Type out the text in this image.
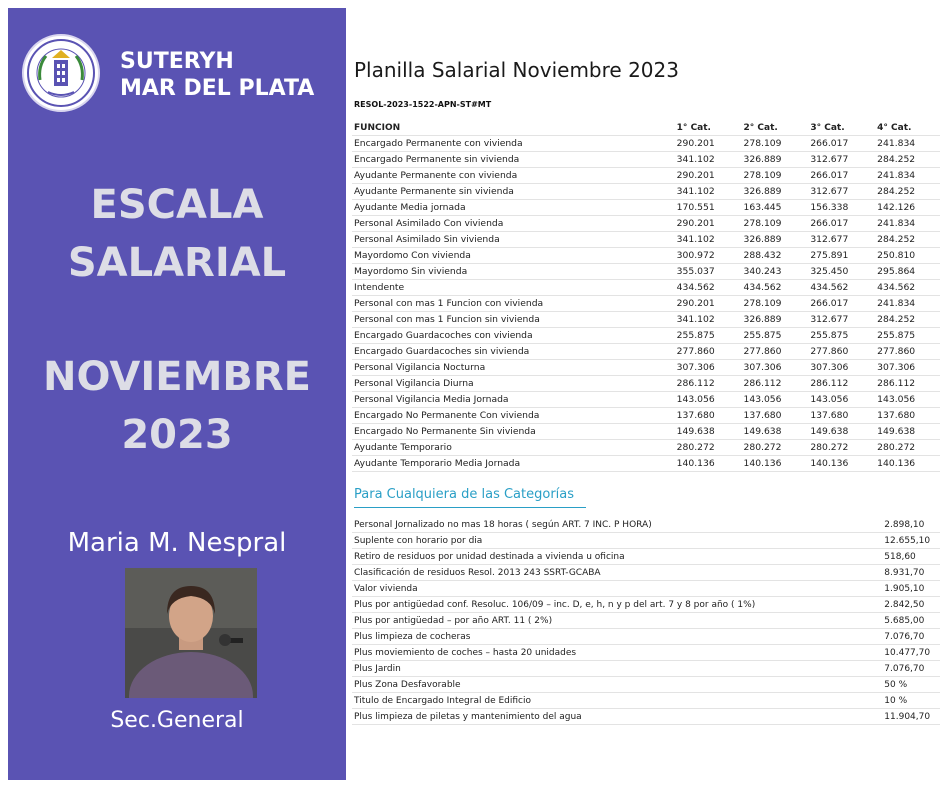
SUTERYH
MAR DEL PLATA
ESCALA
SALARIAL
NOVIEMBRE
2023
Maria M. Nespral
Sec.General
Planilla Salarial Noviembre 2023
RESOL-2023-1522-APN-ST#MT
FUNCION	1° Cat.	2° Cat.	3° Cat.	4° Cat.
Encargado Permanente con vivienda	290.201	278.109	266.017	241.834
Encargado Permanente sin vivienda	341.102	326.889	312.677	284.252
Ayudante Permanente con vivienda	290.201	278.109	266.017	241.834
Ayudante Permanente sin vivienda	341.102	326.889	312.677	284.252
Ayudante Media jornada	170.551	163.445	156.338	142.126
Personal Asimilado Con vivienda	290.201	278.109	266.017	241.834
Personal Asimilado Sin vivienda	341.102	326.889	312.677	284.252
Mayordomo Con vivienda	300.972	288.432	275.891	250.810
Mayordomo Sin vivienda	355.037	340.243	325.450	295.864
Intendente	434.562	434.562	434.562	434.562
Personal con mas 1 Funcion con vivienda	290.201	278.109	266.017	241.834
Personal con mas 1 Funcion sin vivienda	341.102	326.889	312.677	284.252
Encargado Guardacoches con vivienda	255.875	255.875	255.875	255.875
Encargado Guardacoches sin vivienda	277.860	277.860	277.860	277.860
Personal Vigilancia Nocturna	307.306	307.306	307.306	307.306
Personal Vigilancia Diurna	286.112	286.112	286.112	286.112
Personal Vigilancia Media Jornada	143.056	143.056	143.056	143.056
Encargado No Permanente Con vivienda	137.680	137.680	137.680	137.680
Encargado No Permanente Sin vivienda	149.638	149.638	149.638	149.638
Ayudante Temporario	280.272	280.272	280.272	280.272
Ayudante Temporario Media Jornada	140.136	140.136	140.136	140.136
Para Cualquiera de las Categorías
Personal Jornalizado no mas 18 horas ( según ART. 7 INC. P HORA)	2.898,10
Suplente con horario por dia	12.655,10
Retiro de residuos por unidad destinada a vivienda u oficina	518,60
Clasificación de residuos Resol. 2013 243 SSRT-GCABA	8.931,70
Valor vivienda	1.905,10
Plus por antigüedad conf. Resoluc. 106/09 – inc. D, e, h, n y p del art. 7 y 8 por año ( 1%)	2.842,50
Plus por antigüedad – por año ART. 11 ( 2%)	5.685,00
Plus limpieza de cocheras	7.076,70
Plus moviemiento de coches – hasta 20 unidades	10.477,70
Plus Jardin	7.076,70
Plus Zona Desfavorable	50 %
Titulo de Encargado Integral de Edificio	10 %
Plus limpieza de piletas y mantenimiento del agua	11.904,70
